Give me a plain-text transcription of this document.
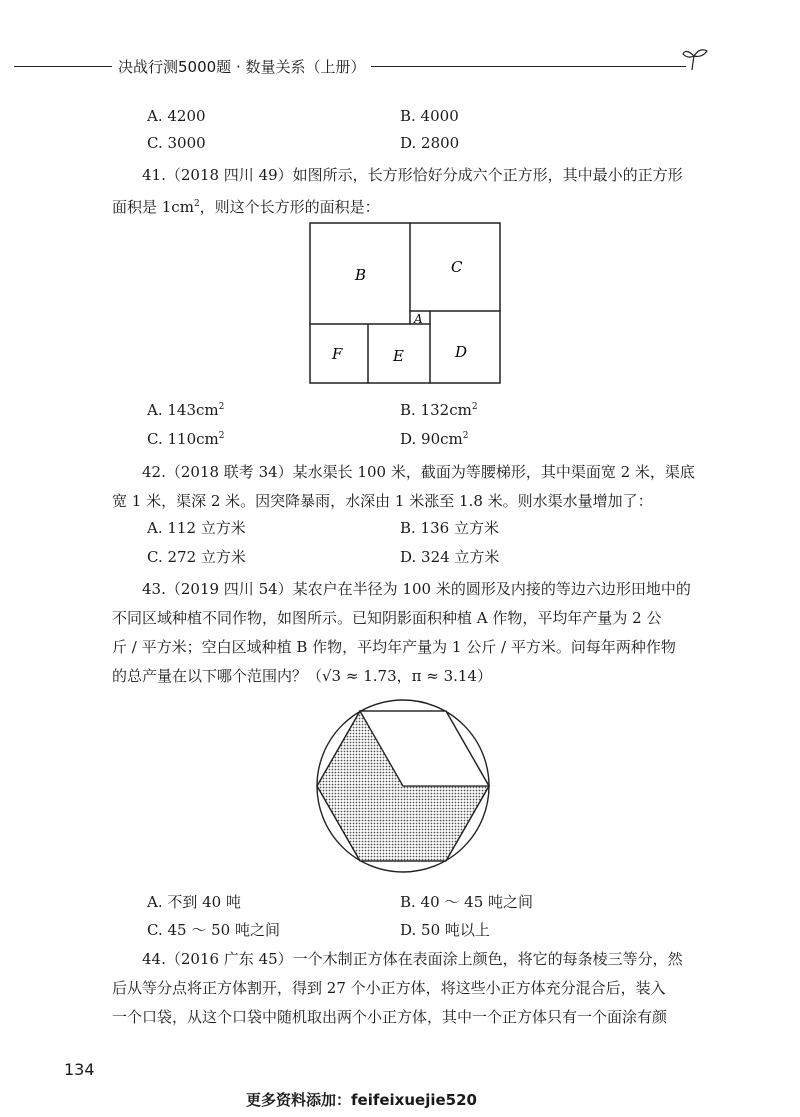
决战行测5000题 · 数量关系（上册）
A. 4200	B. 4000
C. 3000	D. 2800
41.（2018 四川 49）如图所示，长方形恰好分成六个正方形，其中最小的正方形
面积是 $1cm^2$，则这个长方形的面积是：
B	C
A
D
F	E
A. $143cm^2$	B. $132cm^2$
C. $110cm^2$	D. $90cm^2$
42.（2018 联考 34）某水渠长 100 米，截面为等腰梯形，其中渠面宽 2 米，渠底
宽 1 米，渠深 2 米。因突降暴雨，水深由 1 米涨至 1.8 米。则水渠水量增加了：
A. 112 立方米	B. 136 立方米
C. 272 立方米	D. 324 立方米
43.（2019 四川 54）某农户在半径为 100 米的圆形及内接的等边六边形田地中的
不同区域种植不同作物，如图所示。已知阴影面积种植 A 作物，平均年产量为 2 公
斤 / 平方米；空白区域种植 B 作物，平均年产量为 1 公斤 / 平方米。问每年两种作物
的总产量在以下哪个范围内？（√3 ≈ 1.73，π ≈ 3.14）
A. 不到 40 吨	B. 40 ～ 45 吨之间
C. 45 ～ 50 吨之间	D. 50 吨以上
44.（2016 广东 45）一个木制正方体在表面涂上颜色，将它的每条棱三等分，然
后从等分点将正方体割开，得到 27 个小正方体，将这些小正方体充分混合后，装入
一个口袋，从这个口袋中随机取出两个小正方体，其中一个正方体只有一个面涂有颜
134
更多资料添加：feifeixuejie520
